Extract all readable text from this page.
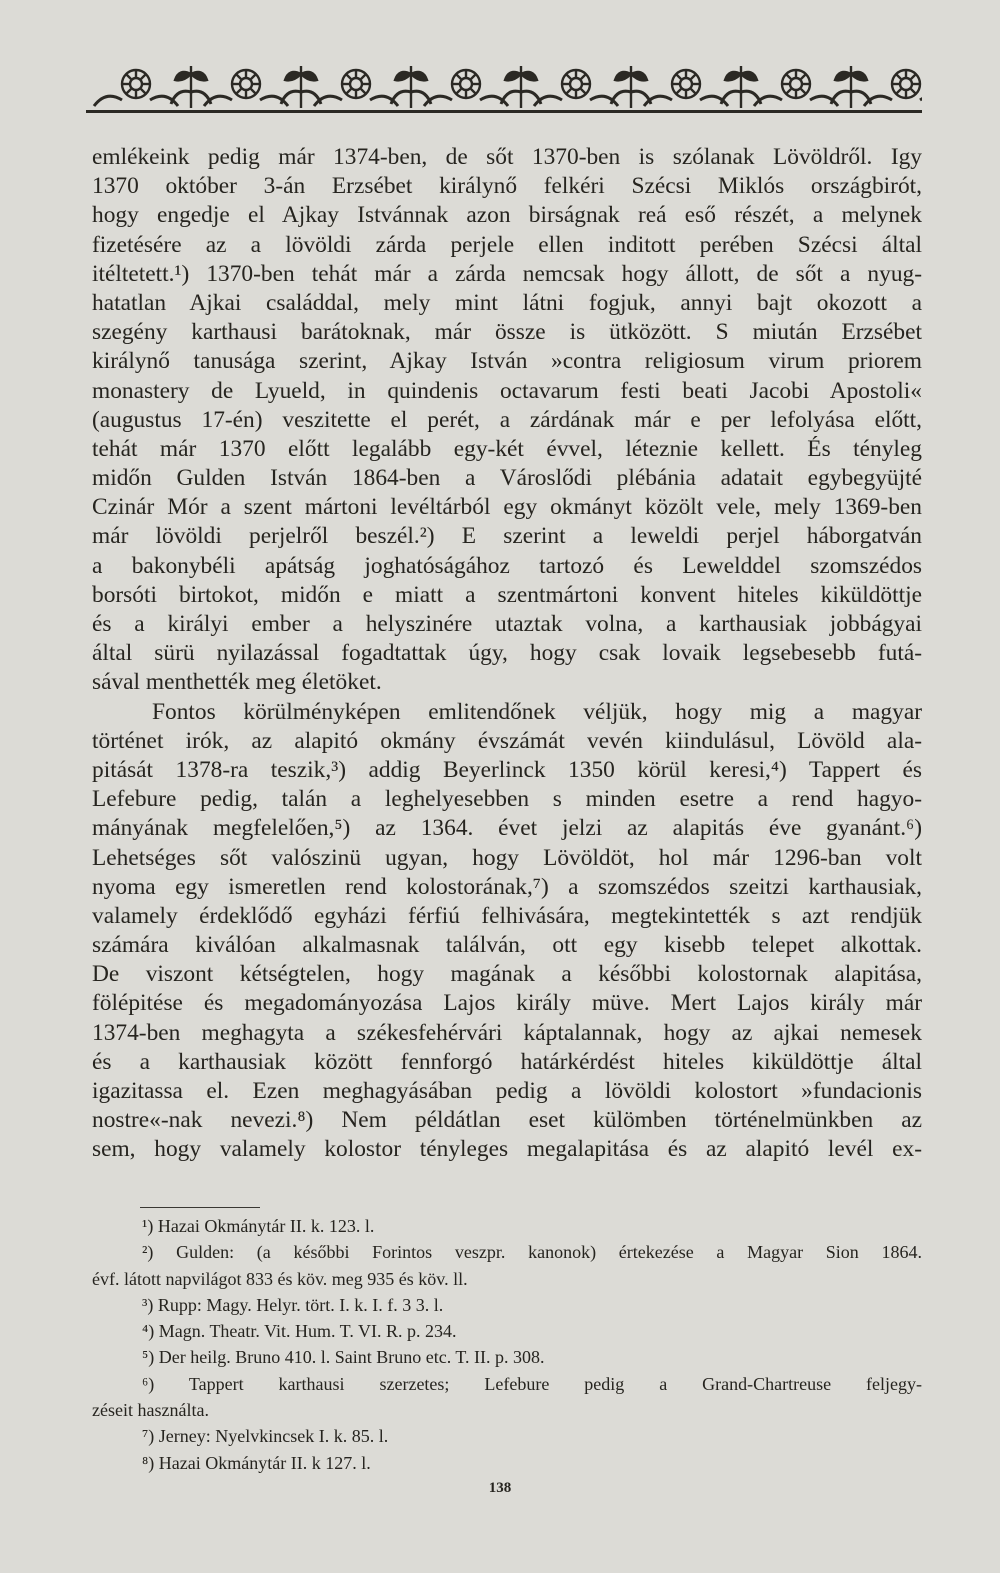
emlékeink pedig már 1374-ben, de sőt 1370-ben is szólanak Lövöldről. Igy
1370 október 3-án Erzsébet királynő felkéri Szécsi Miklós országbirót,
hogy engedje el Ajkay Istvánnak azon birságnak reá eső részét, a melynek
fizetésére az a lövöldi zárda perjele ellen inditott perében Szécsi által
itéltetett.¹) 1370-ben tehát már a zárda nemcsak hogy állott, de sőt a nyug-
hatatlan Ajkai családdal, mely mint látni fogjuk, annyi bajt okozott a
szegény karthausi barátoknak, már össze is ütközött. S miután Erzsébet
királynő tanusága szerint, Ajkay István »contra religiosum virum priorem
monastery de Lyueld, in quindenis octavarum festi beati Jacobi Apostoli«
(augustus 17-én) veszitette el perét, a zárdának már e per lefolyása előtt,
tehát már 1370 előtt legalább egy-két évvel, léteznie kellett. És tényleg
midőn Gulden István 1864-ben a Városlődi plébánia adatait egybegyüjté
Czinár Mór a szent mártoni levéltárból egy okmányt közölt vele, mely 1369-ben
már lövöldi perjelről beszél.²) E szerint a leweldi perjel háborgatván
a bakonybéli apátság joghatóságához tartozó és Lewelddel szomszédos
borsóti birtokot, midőn e miatt a szentmártoni konvent hiteles kiküldöttje
és a királyi ember a helyszinére utaztak volna, a karthausiak jobbágyai
által sürü nyilazással fogadtattak úgy, hogy csak lovaik legsebesebb futá-
sával menthették meg életöket.
Fontos körülményképen emlitendőnek véljük, hogy mig a magyar
történet irók, az alapitó okmány évszámát vevén kiindulásul, Lövöld ala-
pitását 1378-ra teszik,³) addig Beyerlinck 1350 körül keresi,⁴) Tappert és
Lefebure pedig, talán a leghelyesebben s minden esetre a rend hagyo-
mányának megfelelően,⁵) az 1364. évet jelzi az alapitás éve gyanánt.⁶)
Lehetséges sőt valószinü ugyan, hogy Lövöldöt, hol már 1296-ban volt
nyoma egy ismeretlen rend kolostorának,⁷) a szomszédos szeitzi karthausiak,
valamely érdeklődő egyházi férfiú felhivására, megtekintették s azt rendjük
számára kiválóan alkalmasnak találván, ott egy kisebb telepet alkottak.
De viszont kétségtelen, hogy magának a későbbi kolostornak alapitása,
fölépitése és megadományozása Lajos király müve. Mert Lajos király már
1374-ben meghagyta a székesfehérvári káptalannak, hogy az ajkai nemesek
és a karthausiak között fennforgó határkérdést hiteles kiküldöttje által
igazitassa el. Ezen meghagyásában pedig a lövöldi kolostort »fundacionis
nostre«-nak nevezi.⁸) Nem példátlan eset külömben történelmünkben az
sem, hogy valamely kolostor tényleges megalapitása és az alapitó levél ex-
¹) Hazai Okmánytár II. k. 123. l.
²) Gulden: (a későbbi Forintos veszpr. kanonok) értekezése a Magyar Sion 1864.
évf. látott napvilágot 833 és köv. meg 935 és köv. ll.
³) Rupp: Magy. Helyr. tört. I. k. I. f. 3 3. l.
⁴) Magn. Theatr. Vit. Hum. T. VI. R. p. 234.
⁵) Der heilg. Bruno 410. l. Saint Bruno etc. T. II. p. 308.
⁶) Tappert karthausi szerzetes; Lefebure pedig a Grand-Chartreuse feljegy-
zéseit használta.
⁷) Jerney: Nyelvkincsek I. k. 85. l.
⁸) Hazai Okmánytár II. k 127. l.
138
